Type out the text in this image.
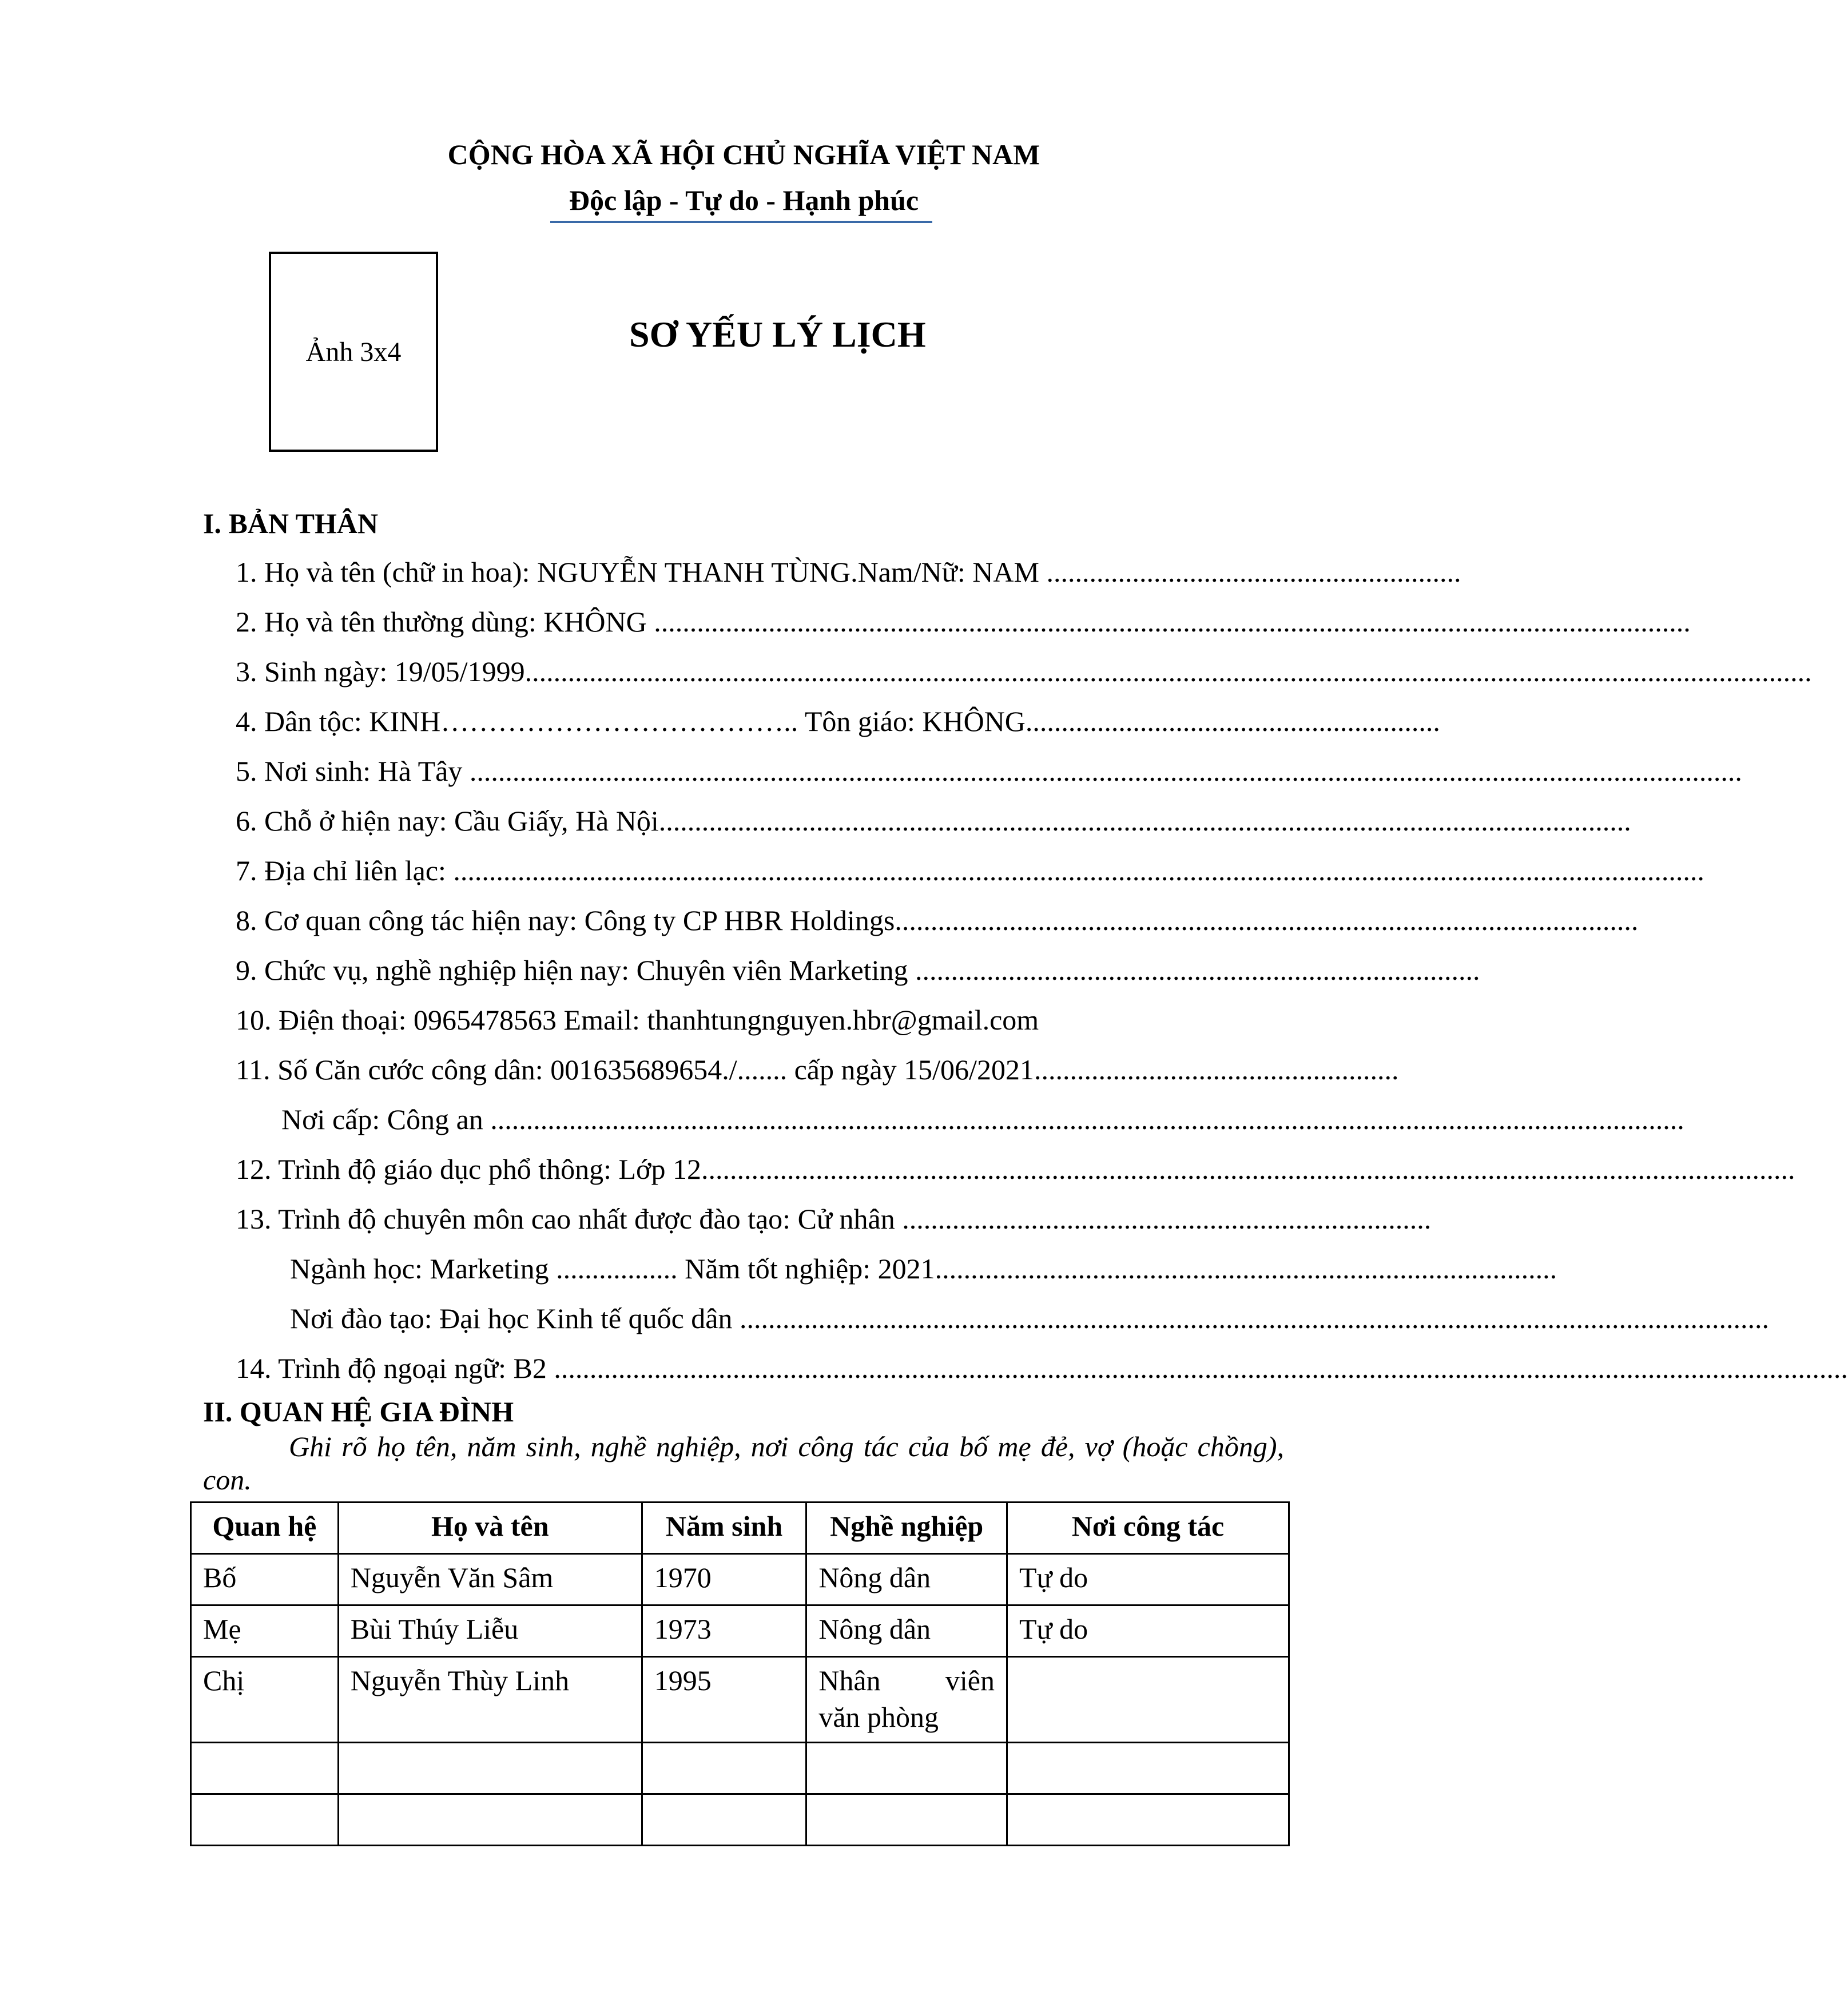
CỘNG HÒA XÃ HỘI CHỦ NGHĨA VIỆT NAM
Độc lập - Tự do - Hạnh phúc
Ảnh 3x4	SƠ YẾU LÝ LỊCH
I. BẢN THÂN
1. Họ và tên (chữ in hoa): NGUYỄN THANH TÙNG.Nam/Nữ: NAM ..........................................................
2. Họ và tên thường dùng: KHÔNG .................................................................................................................................................
3. Sinh ngày: 19/05/1999....................................................................................................................................................................................
4. Dân tộc: KINH……………………………….. Tôn giáo: KHÔNG..........................................................
5. Nơi sinh: Hà Tây ..................................................................................................................................................................................
6. Chỗ ở hiện nay: Cầu Giấy, Hà Nội........................................................................................................................................
7. Địa chỉ liên lạc: ...............................................................................................................................................................................
8. Cơ quan công tác hiện nay: Công ty CP HBR Holdings........................................................................................................
9. Chức vụ, nghề nghiệp hiện nay: Chuyên viên Marketing ...............................................................................
10. Điện thoại: 0965478563 Email: thanhtungnguyen.hbr@gmail.com
11. Số Căn cước công dân: 001635689654./....... cấp ngày 15/06/2021...................................................
Nơi cấp: Công an .......................................................................................................................................................................
12. Trình độ giáo dục phổ thông: Lớp 12.........................................................................................................................................................
13. Trình độ chuyên môn cao nhất được đào tạo: Cử nhân ..........................................................................
Ngành học: Marketing ................. Năm tốt nghiệp: 2021.......................................................................................
Nơi đào tạo: Đại học Kinh tế quốc dân ................................................................................................................................................
14. Trình độ ngoại ngữ: B2 .....................................................................................................................................................................................
II. QUAN HỆ GIA ĐÌNH
Ghi rõ họ tên, năm sinh, nghề nghiệp, nơi công tác của bố mẹ đẻ, vợ (hoặc chồng), con.
Quan hệ	Họ và tên	Năm sinh	Nghề nghiệp	Nơi công tác
Bố	Nguyễn Văn Sâm	1970	Nông dân	Tự do
Mẹ	Bùi Thúy Liễu	1973	Nông dân	Tự do
Chị	Nguyễn Thùy Linh	1995	Nhân viên
văn phòng	
